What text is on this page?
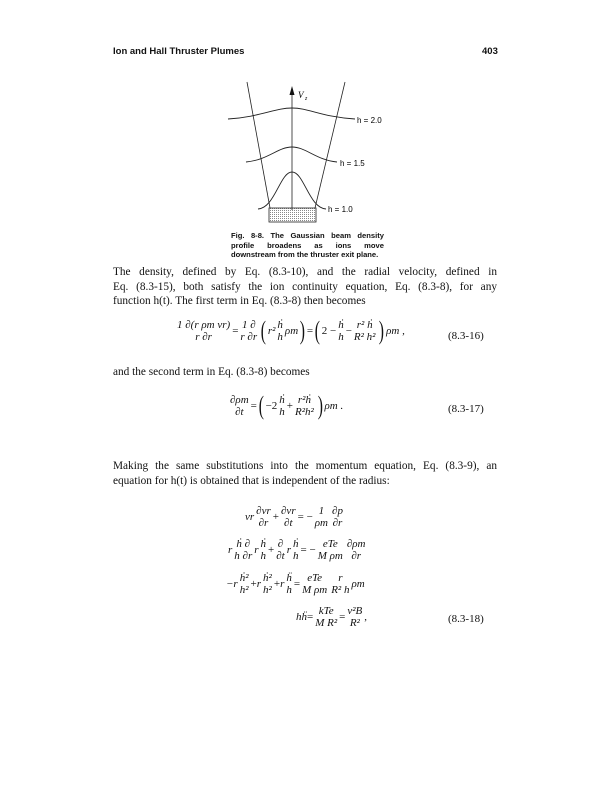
Ion and Hall Thruster Plumes	403
V z
h = 2.0
h = 1.5
h = 1.0
Fig. 8-8. The Gaussian beam density profile broadens as ions move downstream from the thruster exit plane.
The density, defined by Eq. (8.3-10), and the radial velocity, defined in
Eq. (8.3-15), both satisfy the ion continuity equation, Eq. (8.3-8), for any
function h(t). The first term in Eq. (8.3-8) then becomes
1 ∂(r ρm vr)
r ∂r = 1 ∂
r ∂r ( r² ḣ
h ρm ) = ( 2 − ḣ
h − r² ḣ
R² h² ) ρm ,	(8.3-16)
and the second term in Eq. (8.3-8) becomes
∂ρm
∂t = ( −2 ḣ
h + r²ḣ
R²h² ) ρm .	(8.3-17)
Making the same substitutions into the momentum equation, Eq. (8.3-9), an
equation for h(t) is obtained that is independent of the radius:
vr ∂vr
∂r + ∂vr
∂t = − 1
ρm
∂p
∂r
r ḣ ∂
h ∂r r ḣ
h + ∂
∂t r ḣ
h = − eTe
M ρm
∂ρm
∂r
−r ḣ²
h² + r ḣ²
h² + r ḧ
h = eTe
M ρm
r
R² h ρm
hḧ = kTe
M R² = v²B
R² ,	(8.3-18)
